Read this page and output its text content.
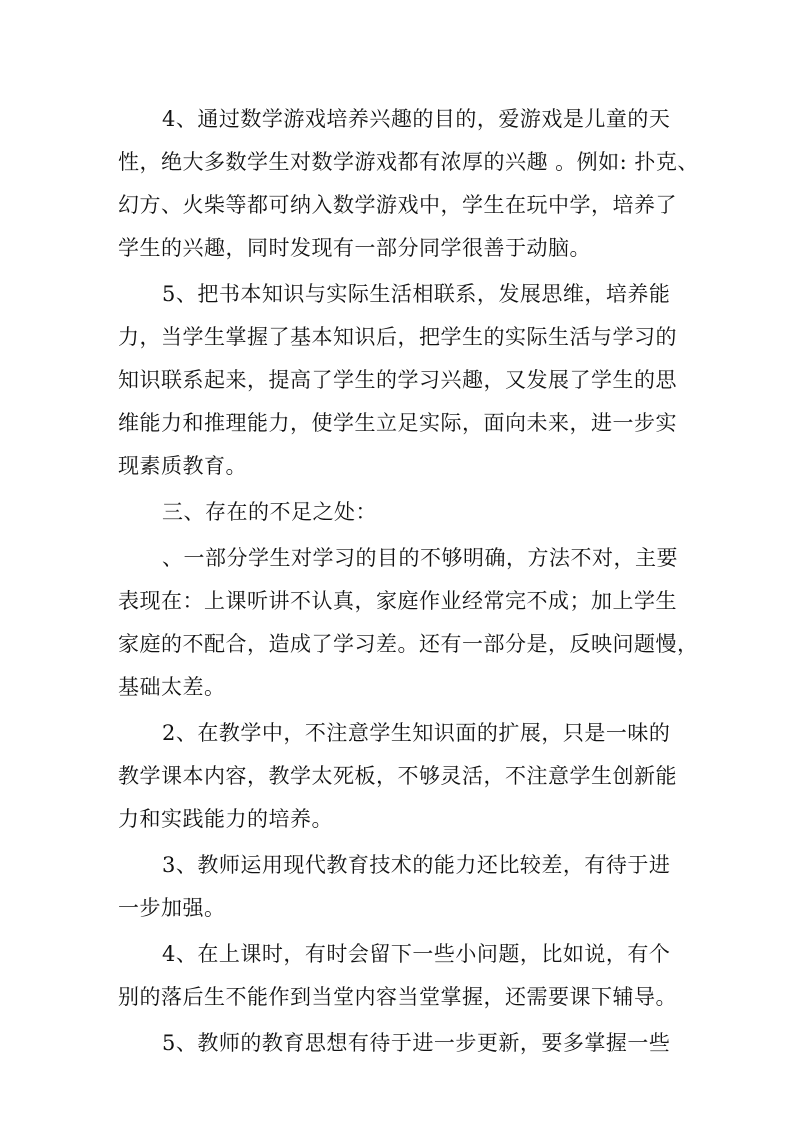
4、通过数学游戏培养兴趣的目的，爱游戏是儿童的天
性，绝大多数学生对数学游戏都有浓厚的兴趣 。例如: 扑克、
幻方、火柴等都可纳入数学游戏中，学生在玩中学，培养了
学生的兴趣，同时发现有一部分同学很善于动脑。

5、把书本知识与实际生活相联系，发展思维，培养能
力，当学生掌握了基本知识后，把学生的实际生活与学习的
知识联系起来，提高了学生的学习兴趣，又发展了学生的思
维能力和推理能力，使学生立足实际，面向未来，进一步实
现素质教育。

三、存在的不足之处：

、一部分学生对学习的目的不够明确，方法不对，主要
表现在：上课听讲不认真，家庭作业经常完不成；加上学生
家庭的不配合，造成了学习差。还有一部分是，反映问题慢，
基础太差。

2、在教学中，不注意学生知识面的扩展，只是一味的
教学课本内容，教学太死板，不够灵活，不注意学生创新能
力和实践能力的培养。

3、教师运用现代教育技术的能力还比较差，有待于进
一步加强。

4、在上课时，有时会留下一些小问题，比如说，有个
别的落后生不能作到当堂内容当堂掌握，还需要课下辅导。

5、教师的教育思想有待于进一步更新，要多掌握一些
